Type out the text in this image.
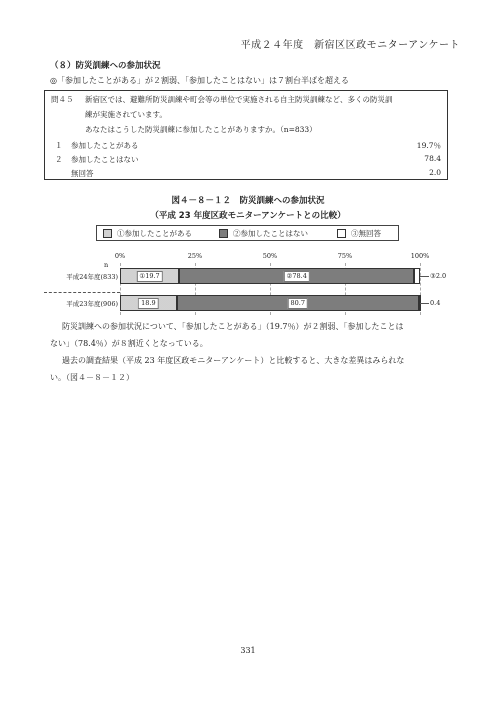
平成２４年度　新宿区区政モニターアンケート
（８）防災訓練への参加状況
◎「参加したことがある」が２割弱、「参加したことはない」は７割台半ばを超える
問４５ 新宿区では、避難所防災訓練や町会等の単位で実施される自主防災訓練など、多くの防災訓
練が実施されています。
あなたはこうした防災訓練に参加したことがありますか。（n=833）
１ 参加したことがある	19.7％
２ 参加したことはない	78.4
無回答	2.0
図４－８－１２　防災訓練への参加状況
（平成 23 年度区政モニターアンケートとの比較）
①参加したことがある	②参加したことはない	③無回答
n
0%	25%	50%	75%	100%
平成24年度(833)	①19.7	②78.4	③2.0
平成23年度(906)	18.9	80.7	0.4
防災訓練への参加状況について、「参加したことがある」（19.7％）が２割弱、「参加したことは
ない」（78.4％）が８割近くとなっている。
過去の調査結果（平成 23 年度区政モニターアンケート）と比較すると、大きな差異はみられな
い。（図４－８－１２）
331
